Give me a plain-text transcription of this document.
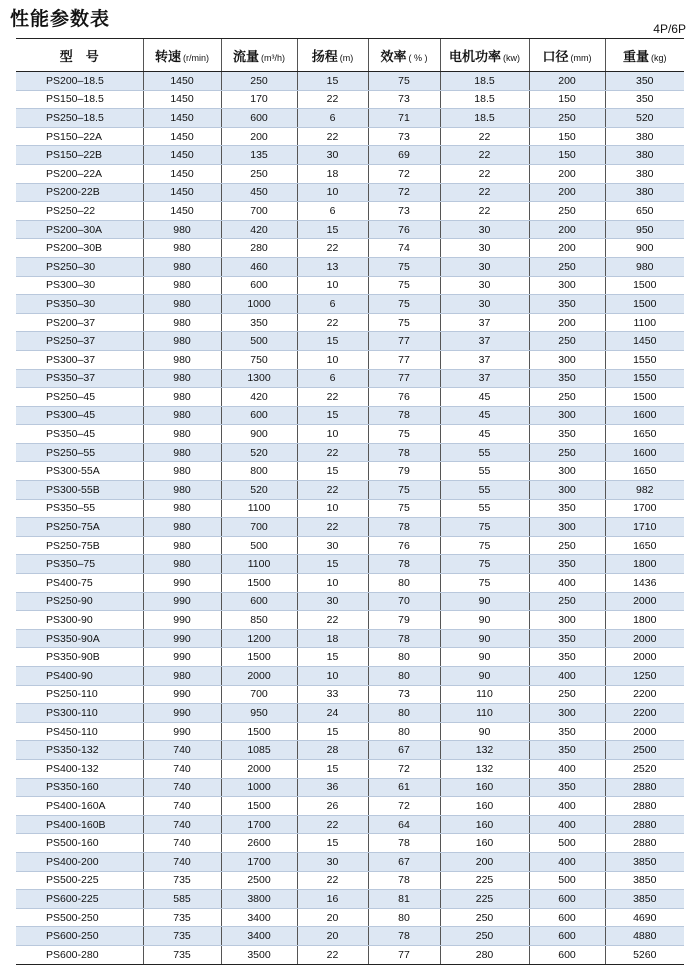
性能参数表	4P/6P
型　号	转速 (r/min)	流量 (m³/h)	扬程 (m)	效率 ( % )	电机功率 (kw)	口径 (mm)	重量 (kg)
PS200–18.5	1450	250	15	75	18.5	200	350
PS150–18.5	1450	170	22	73	18.5	150	350
PS250–18.5	1450	600	6	71	18.5	250	520
PS150–22A	1450	200	22	73	22	150	380
PS150–22B	1450	135	30	69	22	150	380
PS200–22A	1450	250	18	72	22	200	380
PS200-22B	1450	450	10	72	22	200	380
PS250–22	1450	700	6	73	22	250	650
PS200–30A	980	420	15	76	30	200	950
PS200–30B	980	280	22	74	30	200	900
PS250–30	980	460	13	75	30	250	980
PS300–30	980	600	10	75	30	300	1500
PS350–30	980	1000	6	75	30	350	1500
PS200–37	980	350	22	75	37	200	1100
PS250–37	980	500	15	77	37	250	1450
PS300–37	980	750	10	77	37	300	1550
PS350–37	980	1300	6	77	37	350	1550
PS250–45	980	420	22	76	45	250	1500
PS300–45	980	600	15	78	45	300	1600
PS350–45	980	900	10	75	45	350	1650
PS250–55	980	520	22	78	55	250	1600
PS300-55A	980	800	15	79	55	300	1650
PS300-55B	980	520	22	75	55	300	982
PS350–55	980	1100	10	75	55	350	1700
PS250-75A	980	700	22	78	75	300	1710
PS250-75B	980	500	30	76	75	250	1650
PS350–75	980	1100	15	78	75	350	1800
PS400-75	990	1500	10	80	75	400	1436
PS250-90	990	600	30	70	90	250	2000
PS300-90	990	850	22	79	90	300	1800
PS350-90A	990	1200	18	78	90	350	2000
PS350-90B	990	1500	15	80	90	350	2000
PS400-90	980	2000	10	80	90	400	1250
PS250-110	990	700	33	73	110	250	2200
PS300-110	990	950	24	80	110	300	2200
PS450-110	990	1500	15	80	90	350	2000
PS350-132	740	1085	28	67	132	350	2500
PS400-132	740	2000	15	72	132	400	2520
PS350-160	740	1000	36	61	160	350	2880
PS400-160A	740	1500	26	72	160	400	2880
PS400-160B	740	1700	22	64	160	400	2880
PS500-160	740	2600	15	78	160	500	2880
PS400-200	740	1700	30	67	200	400	3850
PS500-225	735	2500	22	78	225	500	3850
PS600-225	585	3800	16	81	225	600	3850
PS500-250	735	3400	20	80	250	600	4690
PS600-250	735	3400	20	78	250	600	4880
PS600-280	735	3500	22	77	280	600	5260
